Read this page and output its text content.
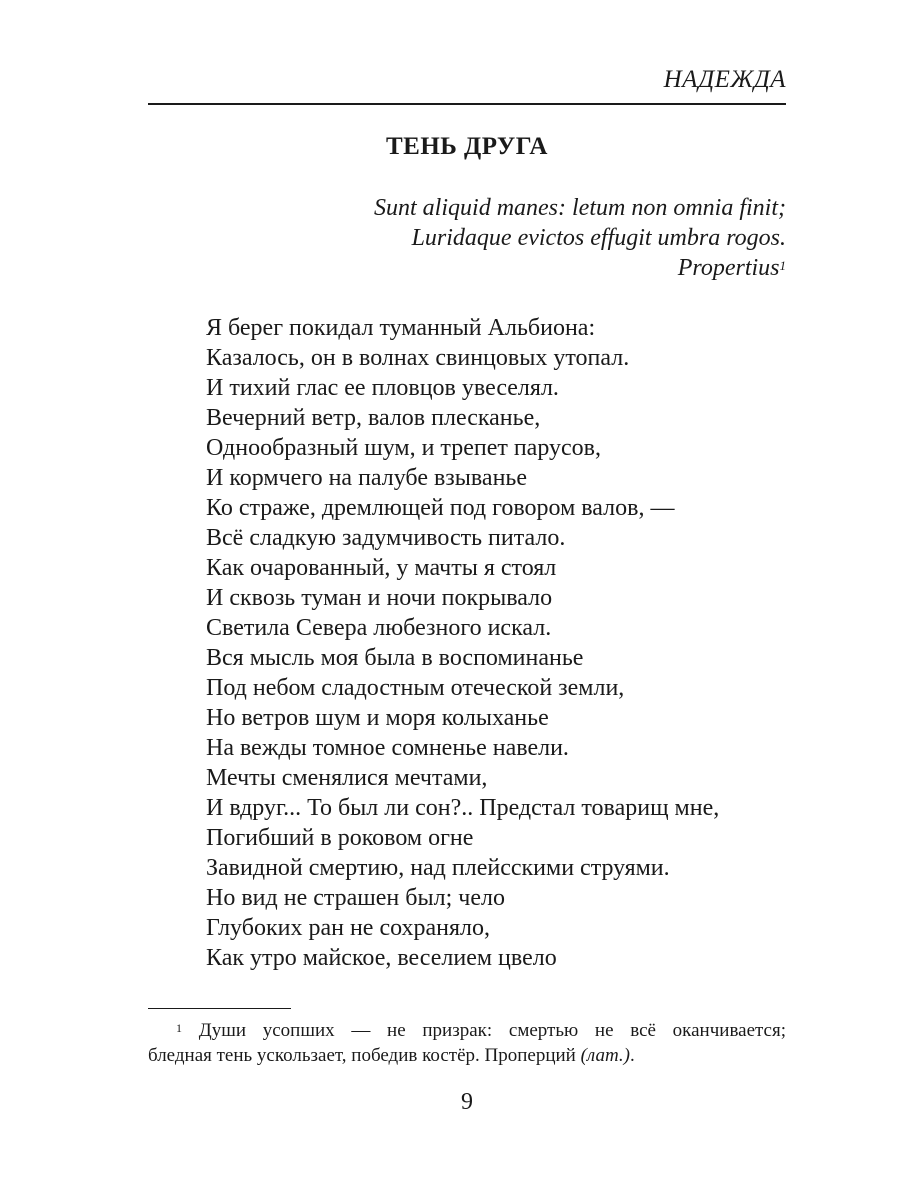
НАДЕЖДА
ТЕНЬ ДРУГА
Sunt aliquid manes: letum non omnia finit;
Luridaque evictos effugit umbra rogos.
Propertius$^1$
Я берег покидал туманный Альбиона:
Казалось, он в волнах свинцовых утопал.
И тихий глас ее пловцов увеселял.
Вечерний ветр, валов плесканье,
Однообразный шум, и трепет парусов,
И кормчего на палубе взыванье
Ко страже, дремлющей под говором валов, —
Всё сладкую задумчивость питало.
Как очарованный, у мачты я стоял
И сквозь туман и ночи покрывало
Светила Севера любезного искал.
Вся мысль моя была в воспоминанье
Под небом сладостным отеческой земли,
Но ветров шум и моря колыханье
На вежды томное сомненье навели.
Мечты сменялися мечтами,
И вдруг... То был ли сон?.. Предстал товарищ мне,
Погибший в роковом огне
Завидной смертию, над плейсскими струями.
Но вид не страшен был; чело
Глубоких ран не сохраняло,
Как утро майское, веселием цвело
$^1$ Души усопших — не призрак: смертью не всё оканчивается;
бледная тень ускользает, победив костёр. Проперций (лат.).
9
